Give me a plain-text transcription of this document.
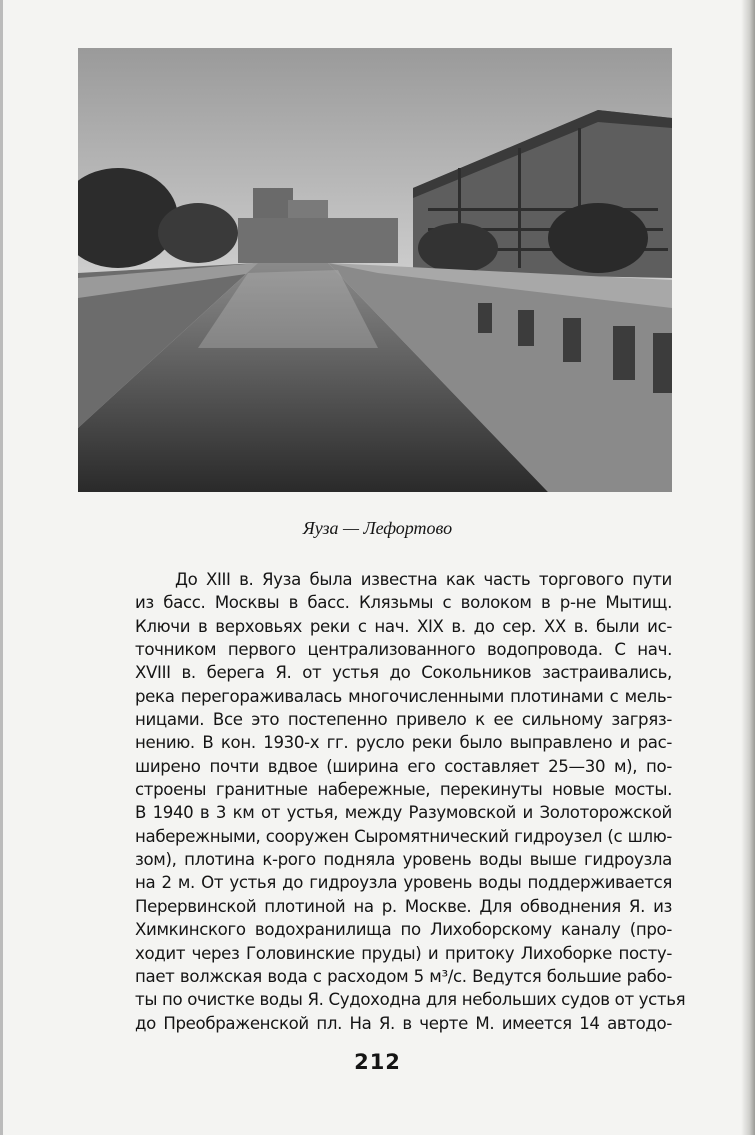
Яуза — Лефортово
До XIII в. Яуза была известна как часть торгового пути
из басс. Москвы в басс. Клязьмы с волоком в р-не Мытищ.
Ключи в верховьях реки с нач. XIX в. до сер. XX в. были ис-
точником первого централизованного водопровода. С нач.
XVIII в. берега Я. от устья до Сокольников застраивались,
река перегораживалась многочисленными плотинами с мель-
ницами. Все это постепенно привело к ее сильному загряз-
нению. В кон. 1930-х гг. русло реки было выправлено и рас-
ширено почти вдвое (ширина его составляет 25—30 м), по-
строены гранитные набережные, перекинуты новые мосты.
В 1940 в 3 км от устья, между Разумовской и Золоторожской
набережными, сооружен Сыромятнический гидроузел (с шлю-
зом), плотина к-рого подняла уровень воды выше гидроузла
на 2 м. От устья до гидроузла уровень воды поддерживается
Перервинской плотиной на р. Москве. Для обводнения Я. из
Химкинского водохранилища по Лихоборскому каналу (про-
ходит через Головинские пруды) и притоку Лихоборке посту-
пает волжская вода с расходом 5 м³/с. Ведутся большие рабо-
ты по очистке воды Я. Судоходна для небольших судов от устья
до Преображенской пл. На Я. в черте М. имеется 14 автодо-
212
